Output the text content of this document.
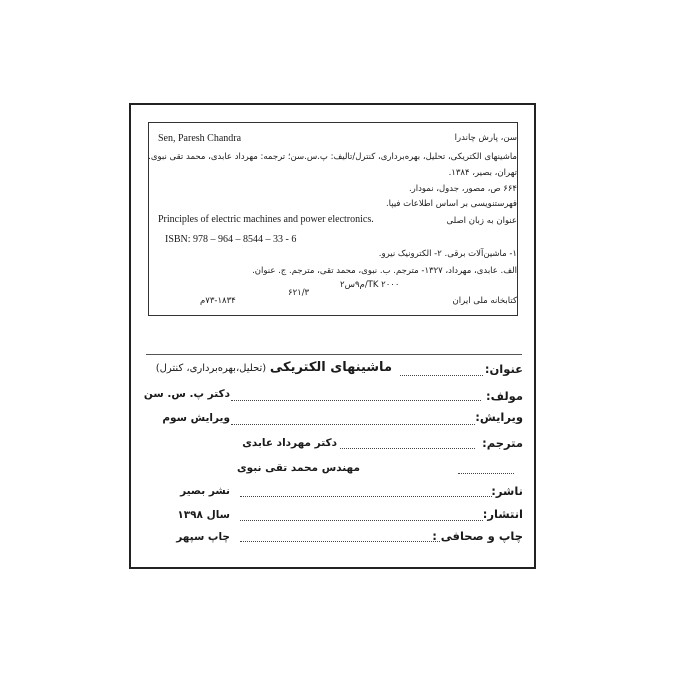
Sen, Paresh Chandra	سن، پارش چاندرا
ماشینهای الکتریکی، تحلیل، بهره‌برداری، کنترل/تالیف: پ.س.سن؛ ترجمه: مهرداد عابدی، محمد تقی نبوی.
تهران، بصیر، ۱۳۸۴.
۶۶۴ ص، مصور، جدول، نمودار.
فهرستنویسی بر اساس اطلاعات فیپا.
Principles of electric machines and power electronics.	عنوان به زبان اصلی
ISBN: 978 – 964 – 8544 – 33 - 6
۱- ماشین‌آلات برقی. ۲- الکترونیک نیرو.
الف. عابدی، مهرداد، ۱۳۲۷- مترجم. ب. نبوی، محمد تقی، مترجم. ج. عنوان.
۲م۹س/TK ۲۰۰۰
۶۲۱/۳
کتابخانه ملی ایران
۷۳-۱۸۳۴م
عنوان:
ماشینهای الکتریکی (تحلیل،بهره‌برداری، کنترل)
مولف:
دکتر پ. س. سن
ویرایش:
ویرایش سوم
مترجم:
دکتر مهرداد عابدی
مهندس محمد تقی نبوی
ناشر:
نشر بصیر
انتشار:
سال ۱۳۹۸
چاپ و صحافی :
چاپ سپهر
